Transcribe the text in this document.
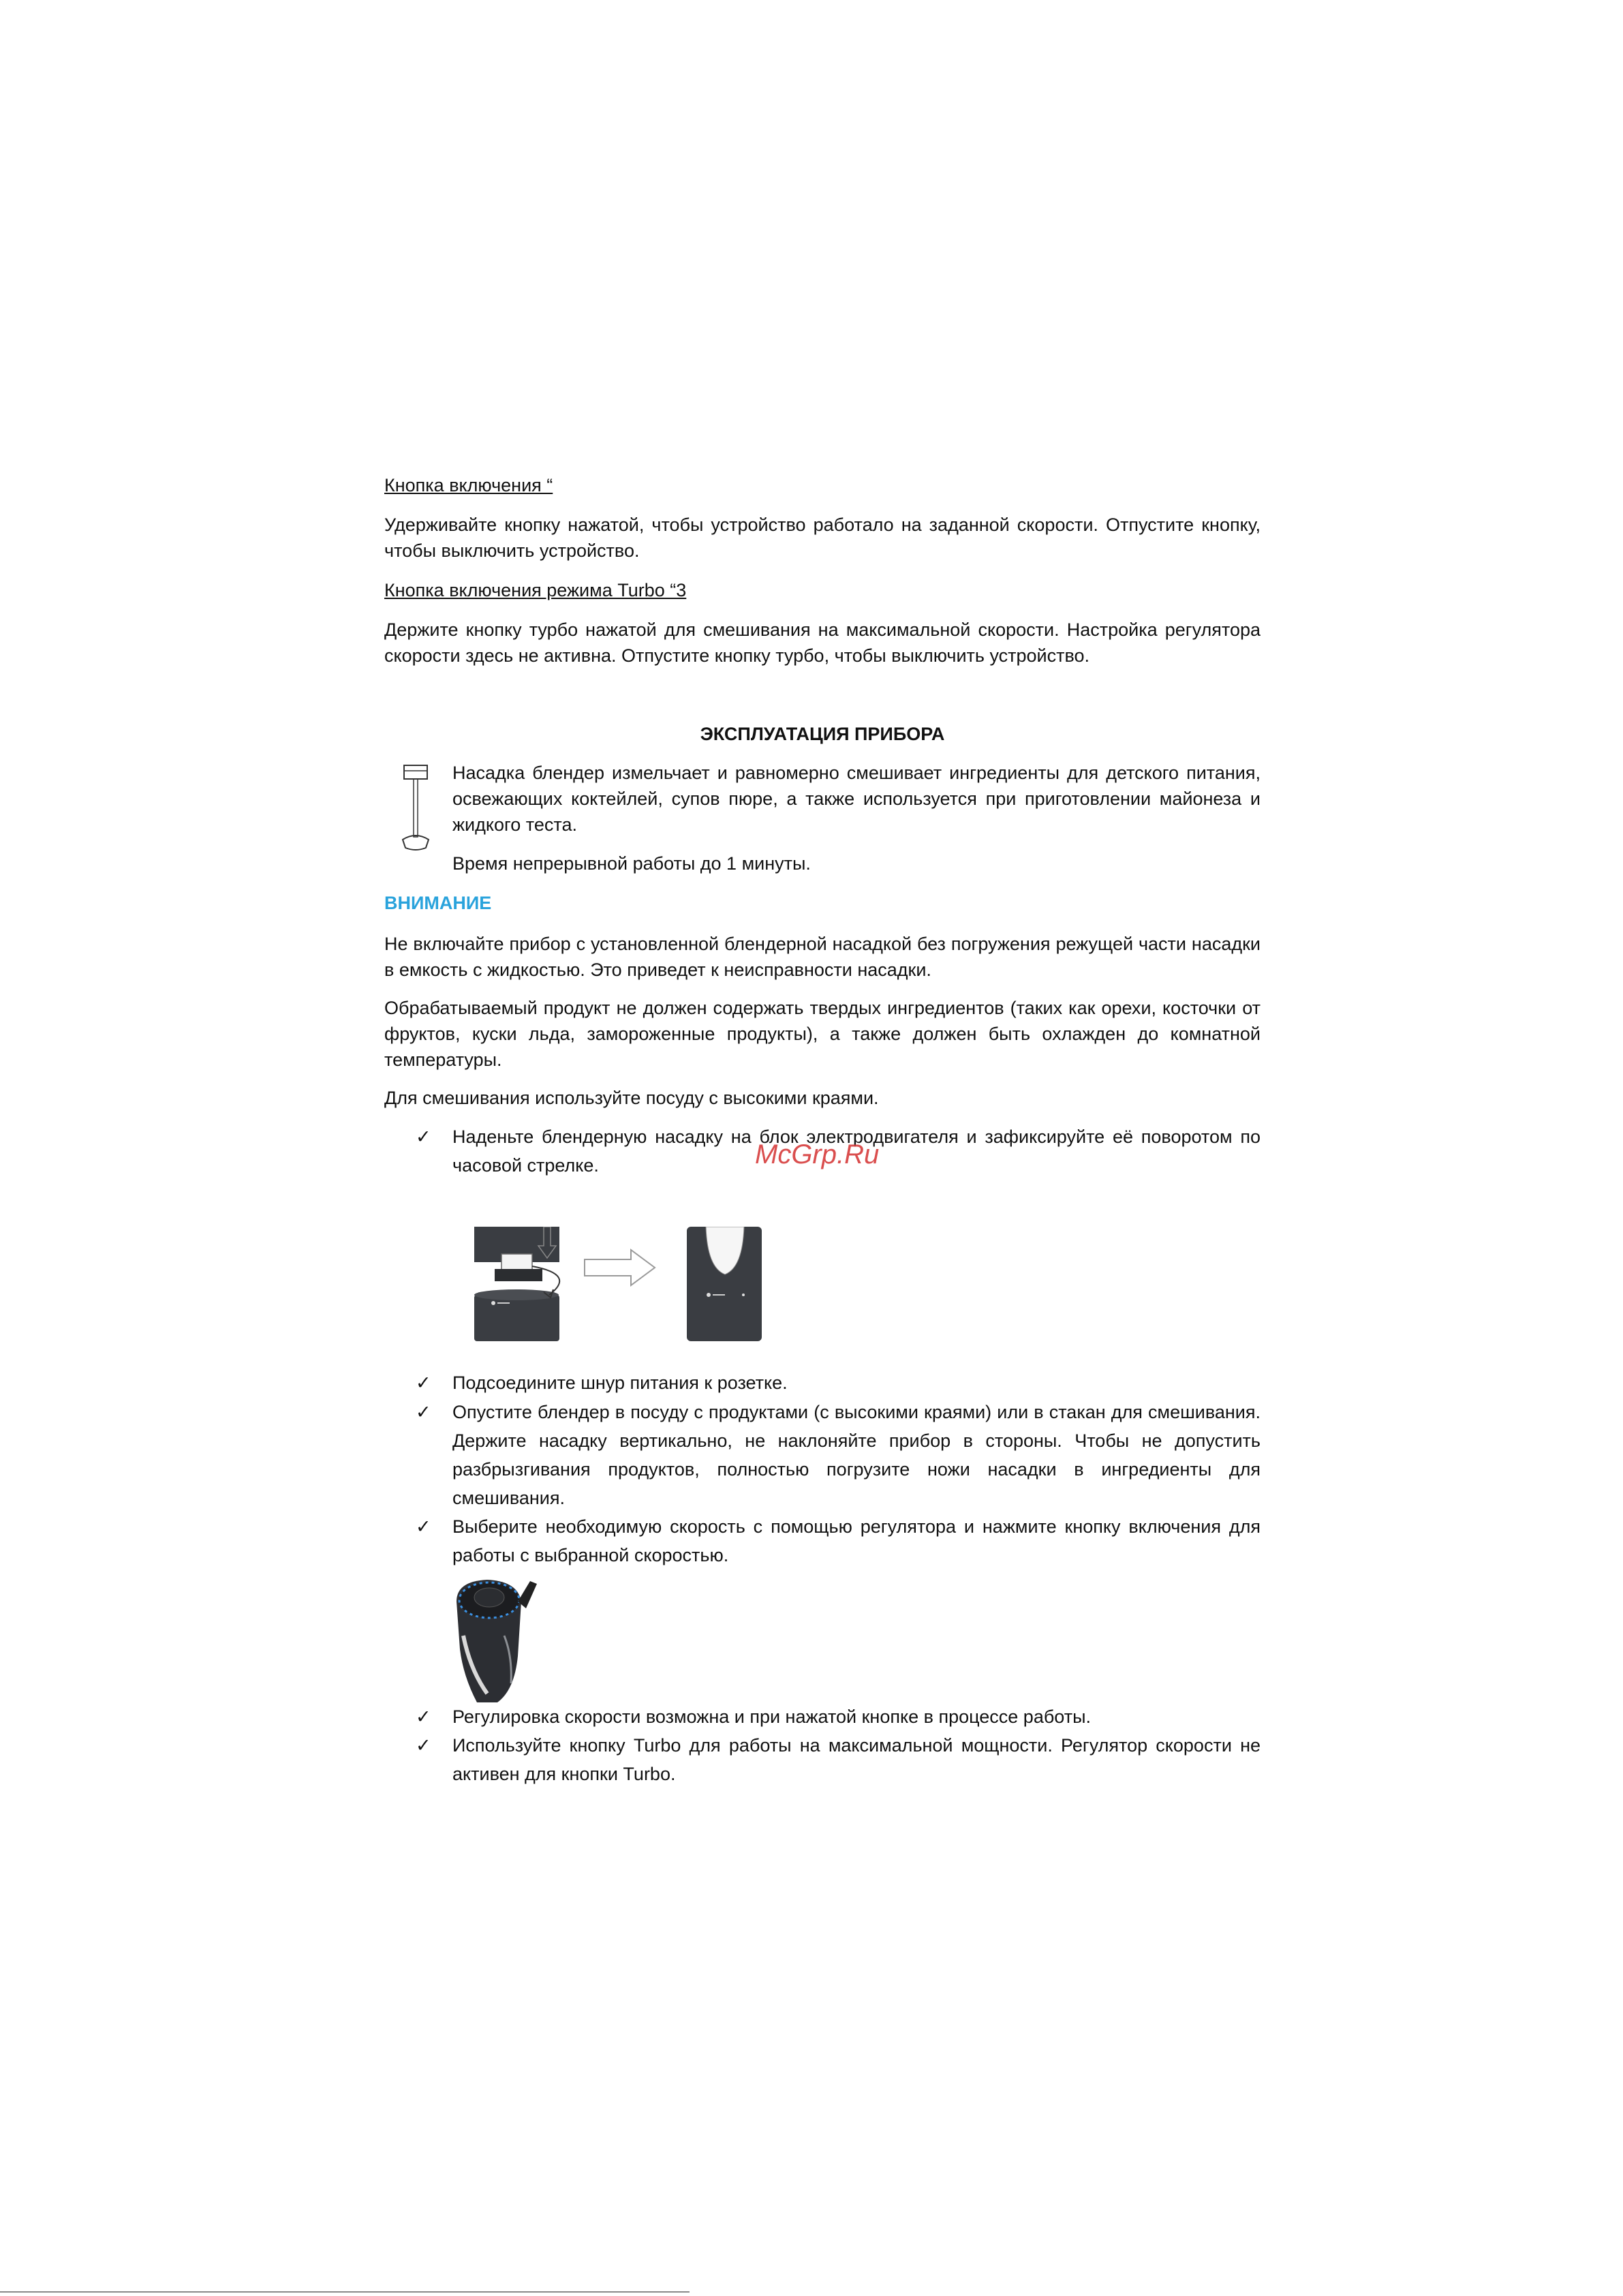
Кнопка включения “

Удерживайте кнопку нажатой, чтобы устройство работало на заданной скорости. Отпустите кнопку, чтобы выключить устройство.

Кнопка включения режима Turbo “3

Держите кнопку турбо нажатой для смешивания на максимальной скорости. Настройка регулятора скорости здесь не активна. Отпустите кнопку турбо, чтобы выключить устройство.

ЭКСПЛУАТАЦИЯ ПРИБОРА

Насадка блендер измельчает и равномерно смешивает ингредиенты для детского питания, освежающих коктейлей, супов пюре, а также используется при приготовлении майонеза и жидкого теста.

Время непрерывной работы до 1 минуты.

ВНИМАНИЕ

Не включайте прибор с установленной блендерной насадкой без погружения режущей части насадки в емкость с жидкостью. Это приведет к неисправности насадки.

Обрабатываемый продукт не должен содержать твердых ингредиентов (таких как орехи, косточки от фруктов, куски льда, замороженные продукты), а также должен быть охлажден до комнатной температуры.

Для смешивания используйте посуду с высокими краями.

✓ Наденьте блендерную насадку на блок электродвигателя и зафиксируйте её поворотом по часовой стрелке.	McGrp.Ru
✓ Подсоедините шнур питания к розетке.
✓ Опустите блендер в посуду с продуктами (с высокими краями) или в стакан для смешивания. Держите насадку вертикально, не наклоняйте прибор в стороны. Чтобы не допустить разбрызгивания продуктов, полностью погрузите ножи насадки в ингредиенты для смешивания.
✓ Выберите необходимую скорость с помощью регулятора и нажмите кнопку включения для работы с выбранной скоростью.
✓ Регулировка скорости возможна и при нажатой кнопке в процессе работы.
✓ Используйте кнопку Turbo для работы на максимальной мощности. Регулятор скорости не активен для кнопки Turbo.
